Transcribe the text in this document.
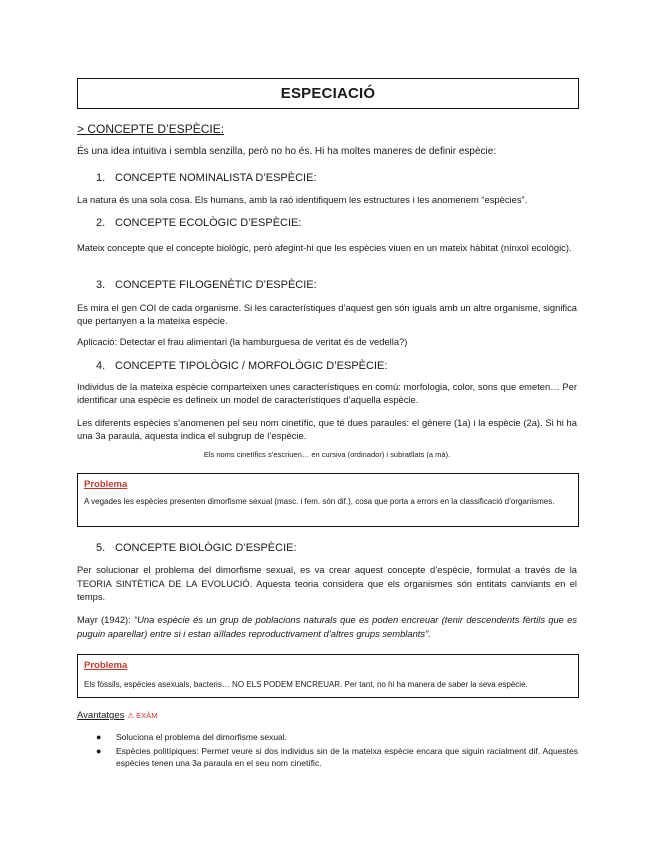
ESPECIACIÓ
> CONCEPTE D’ESPÈCIE:
És una idea intuitiva i sembla senzilla, però no ho és. Hi ha moltes maneres de definir espècie:
1. CONCEPTE NOMINALISTA D’ESPÈCIE:
La natura és una sola cosa. Els humans, amb la raó identifiquem les estructures i les anomenem “espècies”.
2. CONCEPTE ECOLÒGIC D’ESPÈCIE:
Mateix concepte que el concepte biològic, però afegint-hi que les espècies viuen en un mateix hàbitat (nínxol ecològic).
3. CONCEPTE FILOGENÈTIC D’ESPÈCIE:
Es mira el gen COI de cada organisme. Si les característiques d’aquest gen són iguals amb un altre organisme, significa que pertanyen a la mateixa espècie.
Aplicació: Detectar el frau alimentari (la hamburguesa de veritat és de vedella?)
4. CONCEPTE TIPOLÒGIC / MORFOLÒGIC D’ESPÈCIE:
Individus de la mateixa espècie comparteixen unes característiques en comú: morfologia, color, sons que emeten… Per identificar una espècie es defineix un model de característiques d’aquella espècie.
Les diferents espècies s’anomenen pel seu nom cinetífic, que té dues paraules: el gènere (1a) i la espècie (2a). Si hi ha una 3a paraula, aquesta indica el subgrup de l’espècie.
Els noms cinetífics s’escriuen… en cursiva (ordinador) i subratllats (a mà).
Problema
A vegades les espècies presenten dimorfisme sexual (masc. i fem. són dif.), cosa que porta a errors en la classificació d’organismes.
5. CONCEPTE BIOLÒGIC D’ESPÈCIE:
Per solucionar el problema del dimorfisme sexual, es va crear aquest concepte d’espècie, formulat a través de la TEORIA SINTÈTICA DE LA EVOLUCIÓ. Aquesta teoria considera que els organismes són entitats canviants en el temps.
Mayr (1942): “Una espècie és un grup de poblacions naturals que es poden encreuar (tenir descendents fèrtils que es puguin aparellar) entre si i estan aïllades reproductivament d’altres grups semblants”.
Problema
Els fòssils, espècies asexuals, bacteris… NO ELS PODEM ENCREUAR. Per tant, no hi ha manera de saber la seva espècie.
Avantatges ⚠ EXÀM
●	Soluciona el problema del dimorfisme sexual.
●	Espècies politípiques: Permet veure si dos individus sin de la mateixa espècie encara que siguin racialment dif. Aquestes espècies tenen una 3a paraula en el seu nom cinetífic.
